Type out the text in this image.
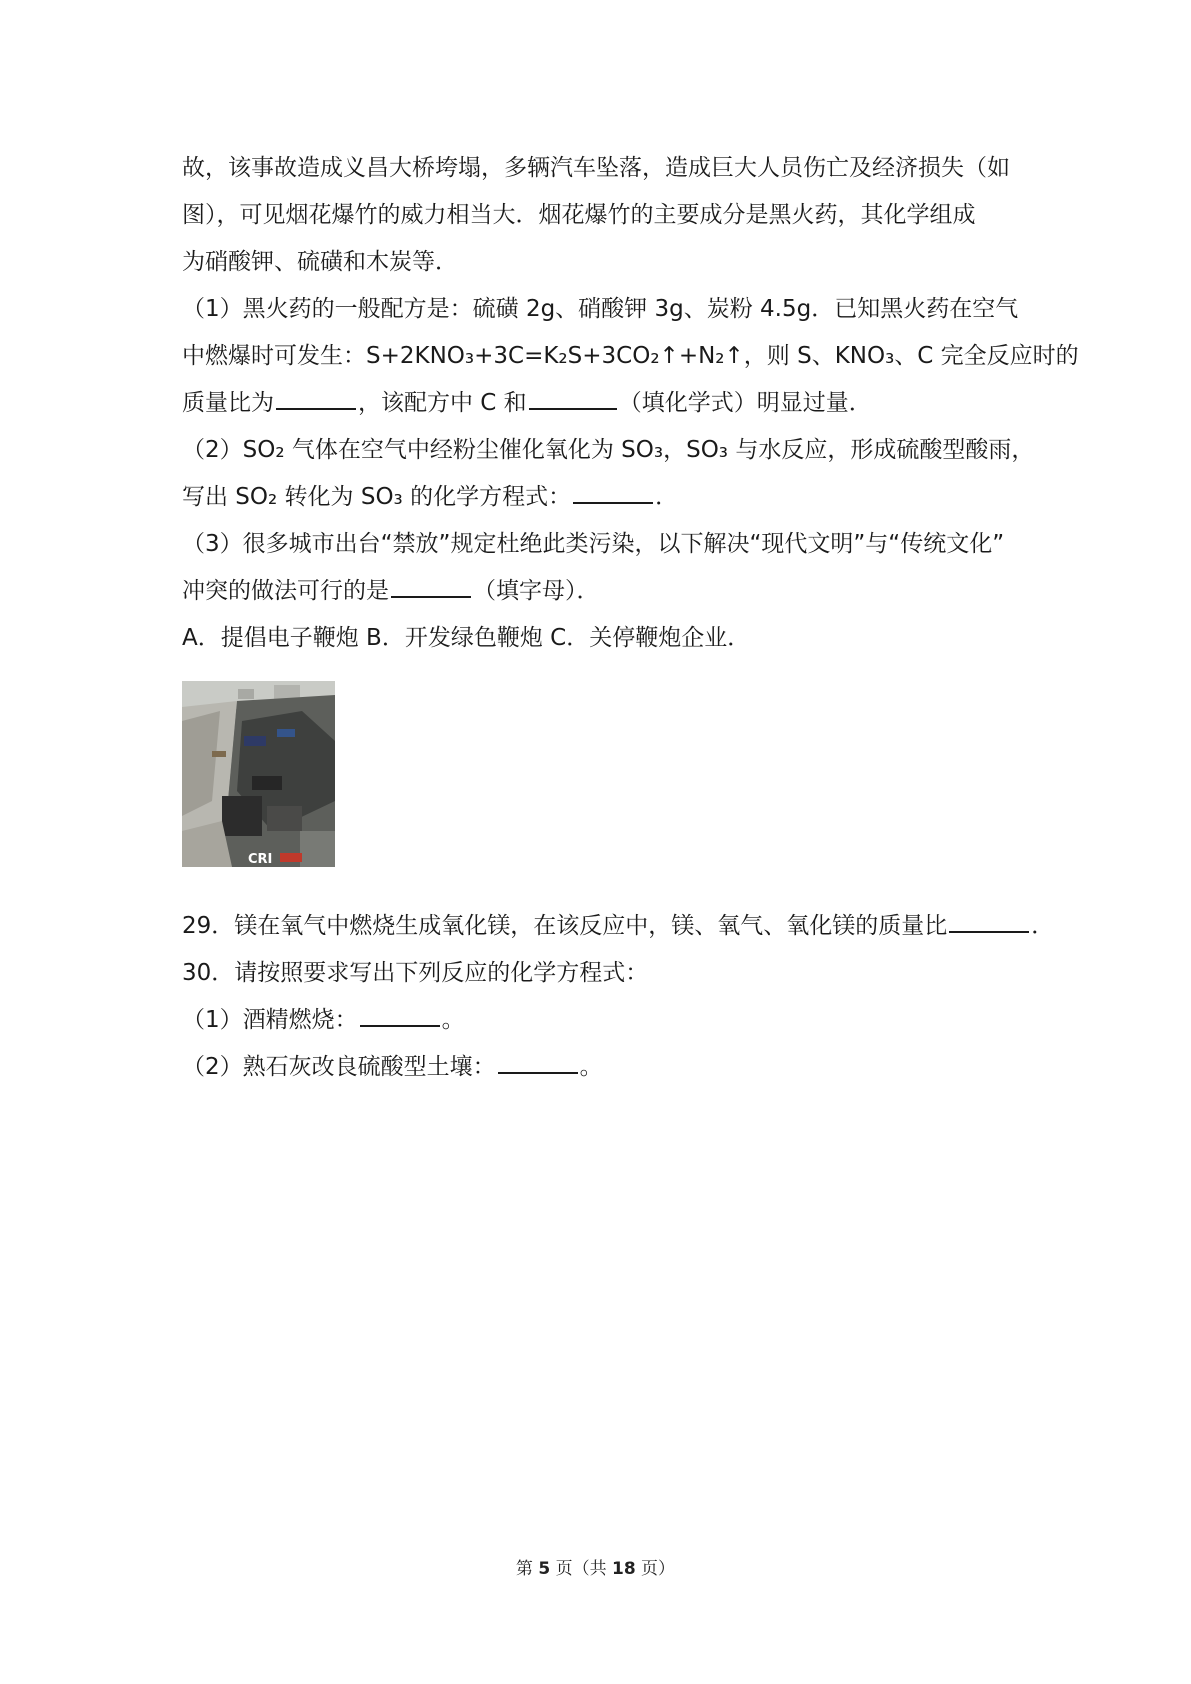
故，该事故造成义昌大桥垮塌，多辆汽车坠落，造成巨大人员伤亡及经济损失（如
图），可见烟花爆竹的威力相当大．烟花爆竹的主要成分是黑火药，其化学组成
为硝酸钾、硫磺和木炭等．
（1）黑火药的一般配方是：硫磺 2g、硝酸钾 3g、炭粉 4.5g．已知黑火药在空气
中燃爆时可发生：S+2KNO₃+3C=K₂S+3CO₂↑+N₂↑，则 S、KNO₃、C 完全反应时的
质量比为	，该配方中 C 和	（填化学式）明显过量．
（2）SO₂ 气体在空气中经粉尘催化氧化为 SO₃，SO₃ 与水反应，形成硫酸型酸雨，
写出 SO₂ 转化为 SO₃ 的化学方程式：	．
（3）很多城市出台“禁放”规定杜绝此类污染，以下解决“现代文明”与“传统文化”
冲突的做法可行的是	（填字母）．
A．提倡电子鞭炮 B．开发绿色鞭炮 C．关停鞭炮企业．
CRI
29．镁在氧气中燃烧生成氧化镁，在该反应中，镁、氧气、氧化镁的质量比	．
30．请按照要求写出下列反应的化学方程式：
（1）酒精燃烧：	。
（2）熟石灰改良硫酸型土壤：	。
第 5 页（共 18 页）
